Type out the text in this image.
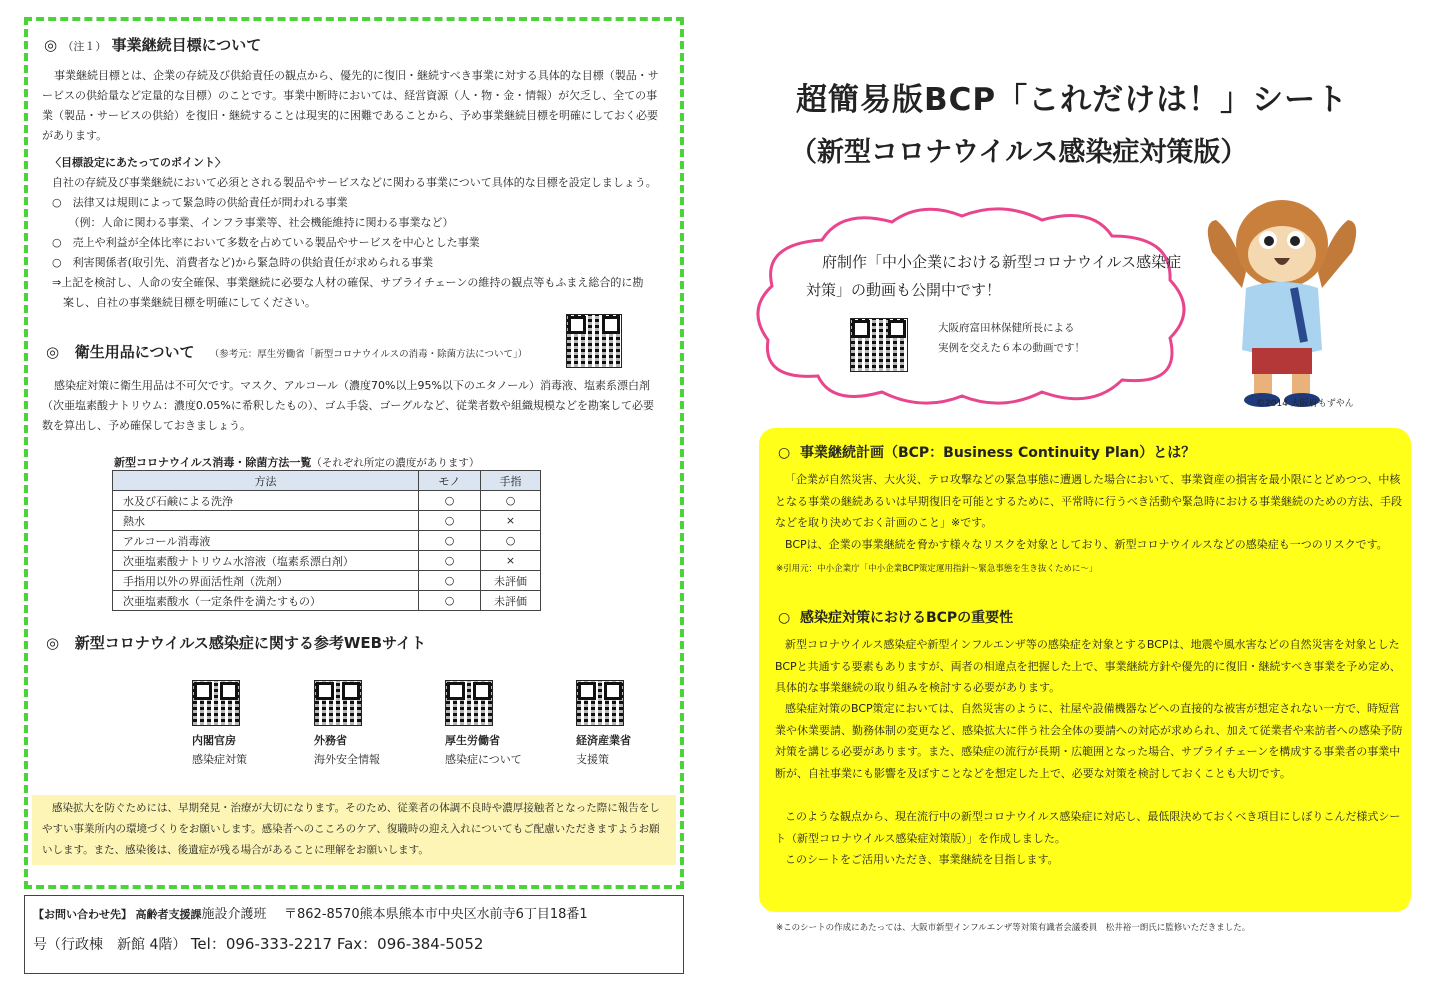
◎ （注１） 事業継続目標について
事業継続目標とは、企業の存続及び供給責任の観点から、優先的に復旧・継続すべき事業に対する具体的な目標（製品・サービスの供給量など定量的な目標）のことです。事業中断時においては、経営資源（人・物・金・情報）が欠乏し、全ての事業（製品・サービスの供給）を復旧・継続することは現実的に困難であることから、予め事業継続目標を明確にしておく必要があります。
〈目標設定にあたってのポイント〉
自社の存続及び事業継続において必須とされる製品やサービスなどに関わる事業について具体的な目標を設定しましょう。
○　法律又は規則によって緊急時の供給責任が問われる事業
　　（例：人命に関わる事業、インフラ事業等、社会機能維持に関わる事業など）
○　売上や利益が全体比率において多数を占めている製品やサービスを中心とした事業
○　利害関係者(取引先、消費者など)から緊急時の供給責任が求められる事業
⇒上記を検討し、人命の安全確保、事業継続に必要な人材の確保、サプライチェーンの維持の観点等もふまえ総合的に勘
　案し、自社の事業継続目標を明確にしてください。
◎ 衛生用品について （参考元：厚生労働省「新型コロナウイルスの消毒・除菌方法について」）
感染症対策に衛生用品は不可欠です。マスク、アルコール（濃度70%以上95%以下のエタノール）消毒液、塩素系漂白剤（次亜塩素酸ナトリウム：濃度0.05%に希釈したもの）、ゴム手袋、ゴーグルなど、従業者数や組織規模などを勘案して必要数を算出し、予め確保しておきましょう。
新型コロナウイルス消毒・除菌方法一覧（それぞれ所定の濃度があります）
方法	モノ	手指
水及び石鹸による洗浄	○	○
熱水	○	×
アルコール消毒液	○	○
次亜塩素酸ナトリウム水溶液（塩素系漂白剤）	○	×
手指用以外の界面活性剤（洗剤）	○	未評価
次亜塩素酸水（一定条件を満たすもの）	○	未評価
◎ 新型コロナウイルス感染症に関する参考WEBサイト
内閣官房
感染症対策
外務省
海外安全情報
厚生労働省
感染症について
経済産業省
支援策
感染拡大を防ぐためには、早期発見・治療が大切になります。そのため、従業者の体調不良時や濃厚接触者となった際に報告をしやすい事業所内の環境づくりをお願いします。感染者へのこころのケア、復職時の迎え入れについてもご配慮いただきますようお願いします。また、感染後は、後遺症が残る場合があることに理解をお願いします。
【お問い合わせ先】 高齢者支援課施設介護班 〒862-8570熊本県熊本市中央区水前寺6丁目18番1
号（行政棟　新館 4階） Tel：096-333-2217 Fax：096-384-5052
超簡易版BCP「これだけは！」シート
（新型コロナウイルス感染症対策版）
府制作「中小企業における新型コロナウイルス感染症対策」の動画も公開中です！
大阪府富田林保健所長による
実例を交えた６本の動画です！
©2014 大阪府もずやん
○ 事業継続計画（BCP：Business Continuity Plan）とは？
「企業が自然災害、大火災、テロ攻撃などの緊急事態に遭遇した場合において、事業資産の損害を最小限にとどめつつ、中核となる事業の継続あるいは早期復旧を可能とするために、平常時に行うべき活動や緊急時における事業継続のための方法、手段などを取り決めておく計画のこと」※です。
BCPは、企業の事業継続を脅かす様々なリスクを対象としており、新型コロナウイルスなどの感染症も一つのリスクです。
※引用元：中小企業庁「中小企業BCP策定運用指針～緊急事態を生き抜くために～」
○ 感染症対策におけるBCPの重要性
新型コロナウイルス感染症や新型インフルエンザ等の感染症を対象とするBCPは、地震や風水害などの自然災害を対象としたBCPと共通する要素もありますが、両者の相違点を把握した上で、事業継続方針や優先的に復旧・継続すべき事業を予め定め、具体的な事業継続の取り組みを検討する必要があります。
感染症対策のBCP策定においては、自然災害のように、社屋や設備機器などへの直接的な被害が想定されない一方で、時短営業や休業要請、勤務体制の変更など、感染拡大に伴う社会全体の要請への対応が求められ、加えて従業者や来訪者への感染予防対策を講じる必要があります。また、感染症の流行が長期・広範囲となった場合、サプライチェーンを構成する事業者の事業中断が、自社事業にも影響を及ぼすことなどを想定した上で、必要な対策を検討しておくことも大切です。
このような観点から、現在流行中の新型コロナウイルス感染症に対応し、最低限決めておくべき項目にしぼりこんだ様式シート（新型コロナウイルス感染症対策版）」を作成しました。
このシートをご活用いただき、事業継続を目指します。
※このシートの作成にあたっては、大阪市新型インフルエンザ等対策有識者会議委員　松井裕一朗氏に監修いただきました。
